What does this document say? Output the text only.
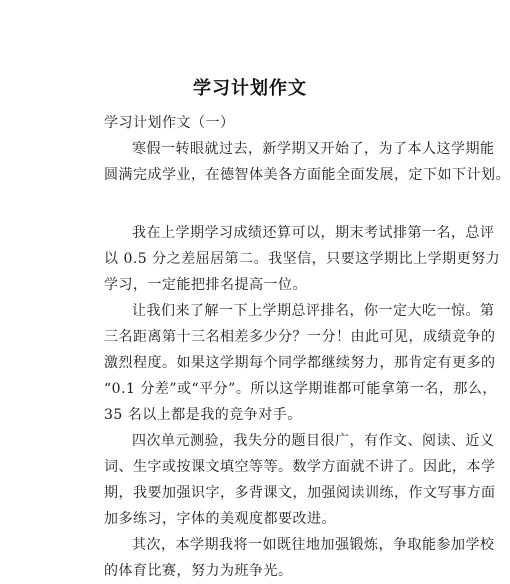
学习计划作文
学习计划作文（一）
寒假一转眼就过去，新学期又开始了，为了本人这学期能
圆满完成学业，在德智体美各方面能全面发展，定下如下计划。
我在上学期学习成绩还算可以，期末考试排第一名，总评
以 0.5 分之差屈居第二。我坚信，只要这学期比上学期更努力
学习，一定能把排名提高一位。
让我们来了解一下上学期总评排名，你一定大吃一惊。第
三名距离第十三名相差多少分？一分！由此可见，成绩竞争的
激烈程度。如果这学期每个同学都继续努力，那肯定有更多的
“0.1 分差”或“平分”。所以这学期谁都可能拿第一名，那么，
35 名以上都是我的竞争对手。
四次单元测验，我失分的题目很广，有作文、阅读、近义
词、生字或按课文填空等等。数学方面就不讲了。因此，本学
期，我要加强识字，多背课文，加强阅读训练，作文写事方面
加多练习，字体的美观度都要改进。
其次，本学期我将一如既往地加强锻炼，争取能参加学校
的体育比赛，努力为班争光。
